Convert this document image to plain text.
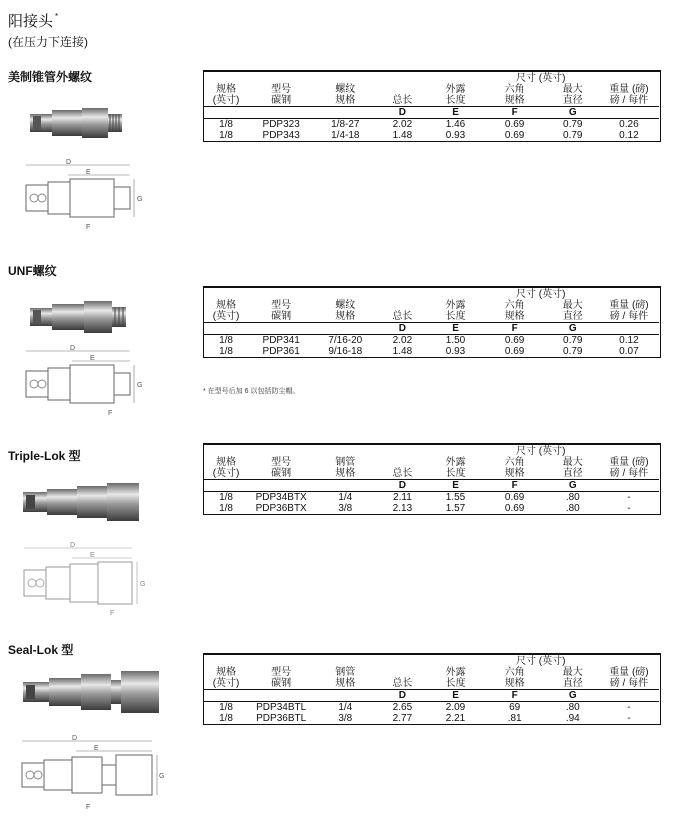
阳接头 *
(在压力下连接)
美制锥管外螺纹
UNF螺纹
Triple-Lok 型
Seal-Lok 型
* 在型号后加 6 以包括防尘帽。
D
E
G
F
D
E
G
F
D
E
G
F
D
E
G
F
					尺寸 (英寸)		
规格	型号	螺纹		外露	六角	最大	重量 (磅)
(英寸)	碳钢	规格	总长	长度	规格	直径	磅 / 每件
			D	E	F	G	
1/8	PDP323	1/8-27	2.02	1.46	0.69	0.79	0.26
1/8	PDP343	1/4-18	1.48	0.93	0.69	0.79	0.12
					尺寸 (英寸)		
规格	型号	螺纹		外露	六角	最大	重量 (磅)
(英寸)	碳钢	规格	总长	长度	规格	直径	磅 / 每件
			D	E	F	G	
1/8	PDP341	7/16-20	2.02	1.50	0.69	0.79	0.12
1/8	PDP361	9/16-18	1.48	0.93	0.69	0.79	0.07
					尺寸 (英寸)		
规格	型号	钢管		外露	六角	最大	重量 (磅)
(英寸)	碳钢	规格	总长	长度	规格	直径	磅 / 每件
			D	E	F	G	
1/8	PDP34BTX	1/4	2.11	1.55	0.69	.80	-
1/8	PDP36BTX	3/8	2.13	1.57	0.69	.80	-
					尺寸 (英寸)		
规格	型号	钢管		外露	六角	最大	重量 (磅)
(英寸)	碳钢	规格	总长	长度	规格	直径	磅 / 每件
			D	E	F	G	
1/8	PDP34BTL	1/4	2.65	2.09	69	.80	-
1/8	PDP36BTL	3/8	2.77	2.21	.81	.94	-
